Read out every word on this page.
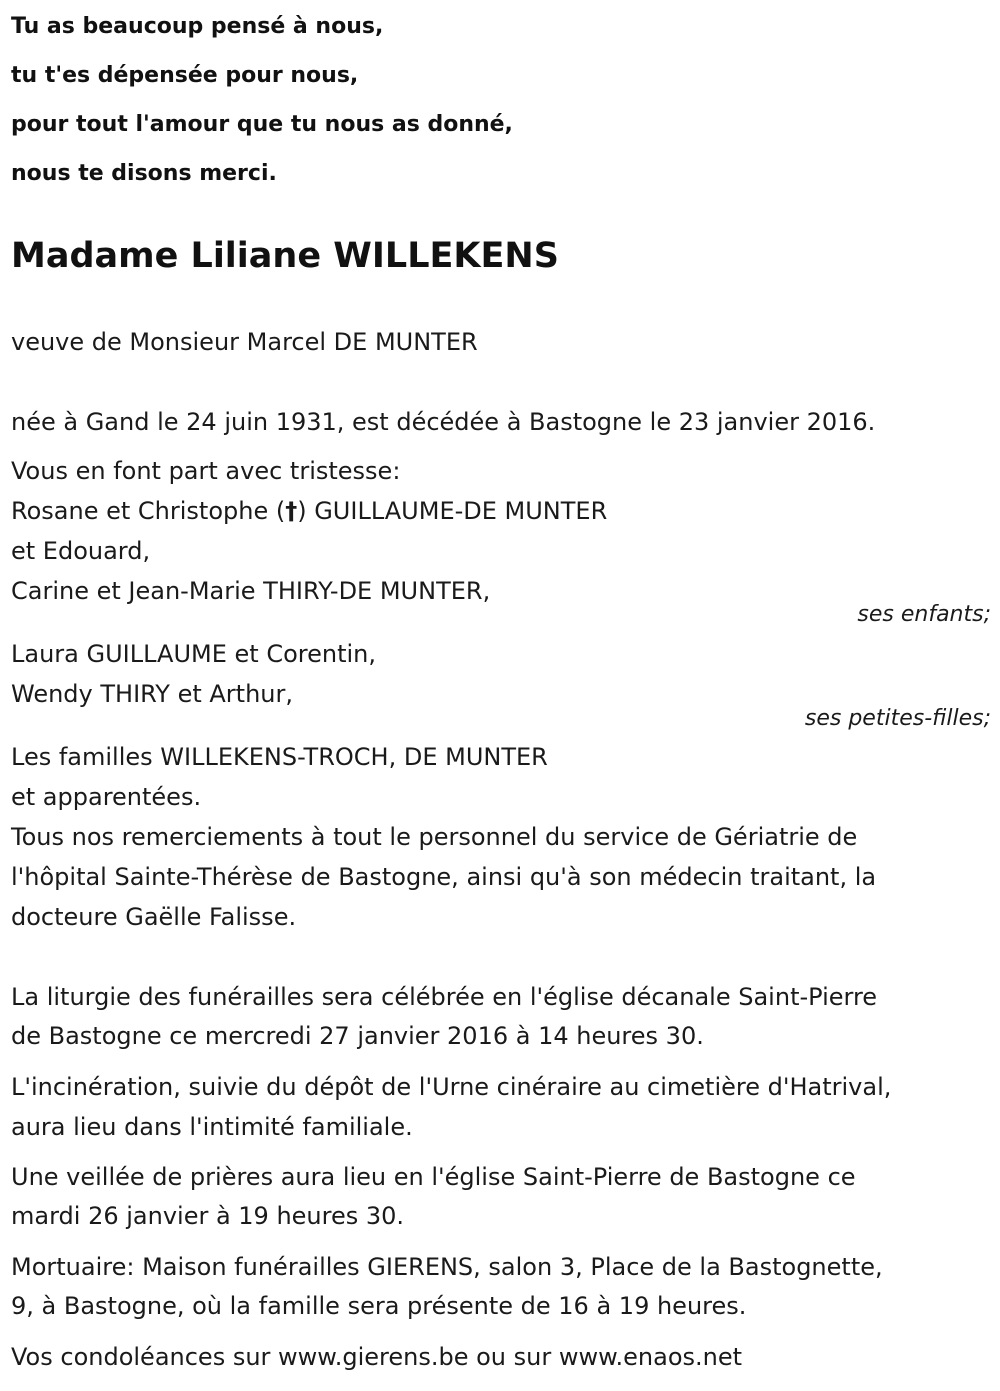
Tu as beaucoup pensé à nous,

tu t'es dépensée pour nous,

pour tout l'amour que tu nous as donné,

nous te disons merci.

Madame Liliane WILLEKENS

veuve de Monsieur Marcel DE MUNTER

née à Gand le 24 juin 1931, est décédée à Bastogne le 23 janvier 2016.

Vous en font part avec tristesse:

Rosane et Christophe (†) GUILLAUME-DE MUNTER

et Edouard,

Carine et Jean-Marie THIRY-DE MUNTER,

ses enfants;

Laura GUILLAUME et Corentin,

Wendy THIRY et Arthur,

ses petites-filles;

Les familles WILLEKENS-TROCH, DE MUNTER

et apparentées.

Tous nos remerciements à tout le personnel du service de Gériatrie de

l'hôpital Sainte-Thérèse de Bastogne, ainsi qu'à son médecin traitant, la

docteure Gaëlle Falisse.

La liturgie des funérailles sera célébrée en l'église décanale Saint-Pierre

de Bastogne ce mercredi 27 janvier 2016 à 14 heures 30.

L'incinération, suivie du dépôt de l'Urne cinéraire au cimetière d'Hatrival,

aura lieu dans l'intimité familiale.

Une veillée de prières aura lieu en l'église Saint-Pierre de Bastogne ce

mardi 26 janvier à 19 heures 30.

Mortuaire: Maison funérailles GIERENS, salon 3, Place de la Bastognette,

9, à Bastogne, où la famille sera présente de 16 à 19 heures.

Vos condoléances sur www.gierens.be ou sur www.enaos.net
